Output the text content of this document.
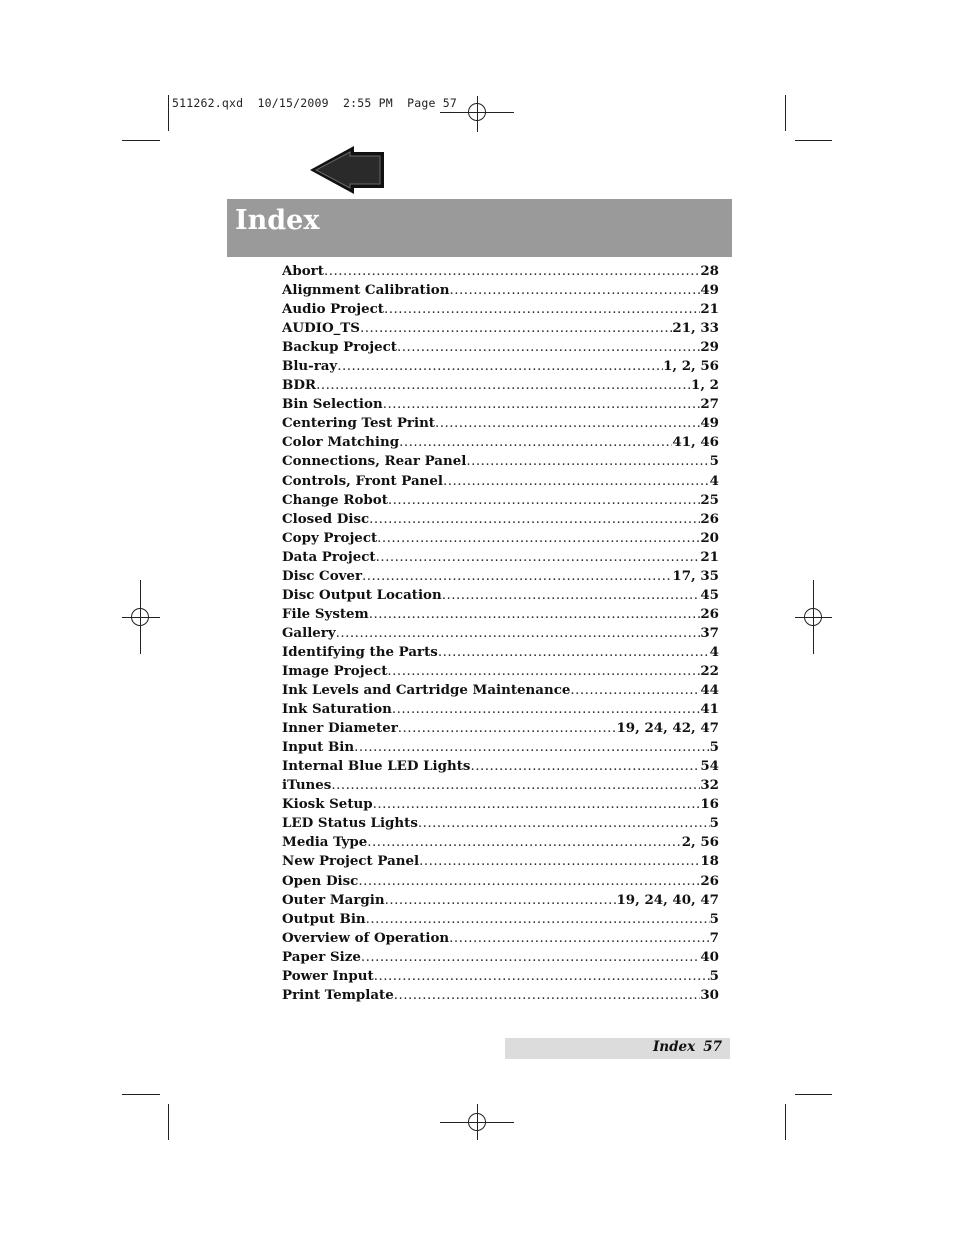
511262.qxd  10/15/2009  2:55 PM  Page 57
Index
Abort .....	28
Alignment Calibration .....	49
Audio Project .....	21
AUDIO_TS .....	21, 33
Backup Project .....	29
Blu-ray .....	1, 2, 56
BDR .....	1, 2
Bin Selection .....	27
Centering Test Print .....	49
Color Matching .....	41, 46
Connections, Rear Panel .....	5
Controls, Front Panel .....	4
Change Robot .....	25
Closed Disc .....	26
Copy Project .....	20
Data Project .....	21
Disc Cover .....	17, 35
Disc Output Location .....	45
File System .....	26
Gallery .....	37
Identifying the Parts .....	4
Image Project .....	22
Ink Levels and Cartridge Maintenance .....	44
Ink Saturation .....	41
Inner Diameter .....	19, 24, 42, 47
Input Bin .....	5
Internal Blue LED Lights .....	54
iTunes .....	32
Kiosk Setup .....	16
LED Status Lights .....	5
Media Type .....	2, 56
New Project Panel .....	18
Open Disc .....	26
Outer Margin .....	19, 24, 40, 47
Output Bin .....	5
Overview of Operation .....	7
Paper Size .....	40
Power Input .....	5
Print Template .....	30
Index 57
